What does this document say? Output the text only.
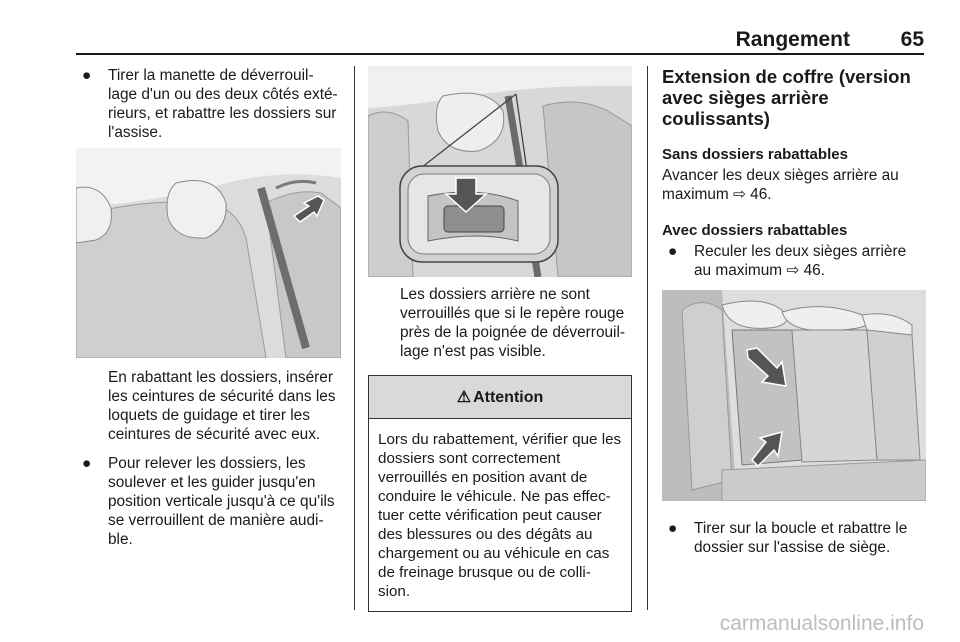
Rangement 65

● Tirer la manette de déverrouil-lage d'un ou des deux côtés exté-rieurs, et rabattre les dossiers sur l'assise.

En rabattant les dossiers, insérer les ceintures de sécurité dans les loquets de guidage et tirer les ceintures de sécurité avec eux.

● Pour relever les dossiers, les soulever et les guider jusqu'en position verticale jusqu'à ce qu'ils se verrouillent de manière audi-ble.

Les dossiers arrière ne sont verrouillés que si le repère rouge près de la poignée de déverrouil-lage n'est pas visible.

⚠ Attention
Lors du rabattement, vérifier que les dossiers sont correctement verrouillés en position avant de conduire le véhicule. Ne pas effec-tuer cette vérification peut causer des blessures ou des dégâts au chargement ou au véhicule en cas de freinage brusque ou de colli-sion.

Extension de coffre (version avec sièges arrière coulissants)

Sans dossiers rabattables

Avancer les deux sièges arrière au maximum ⇨ 46.

Avec dossiers rabattables

● Reculer les deux sièges arrière au maximum ⇨ 46.

● Tirer sur la boucle et rabattre le dossier sur l'assise de siège.

carmanualsonline.info
